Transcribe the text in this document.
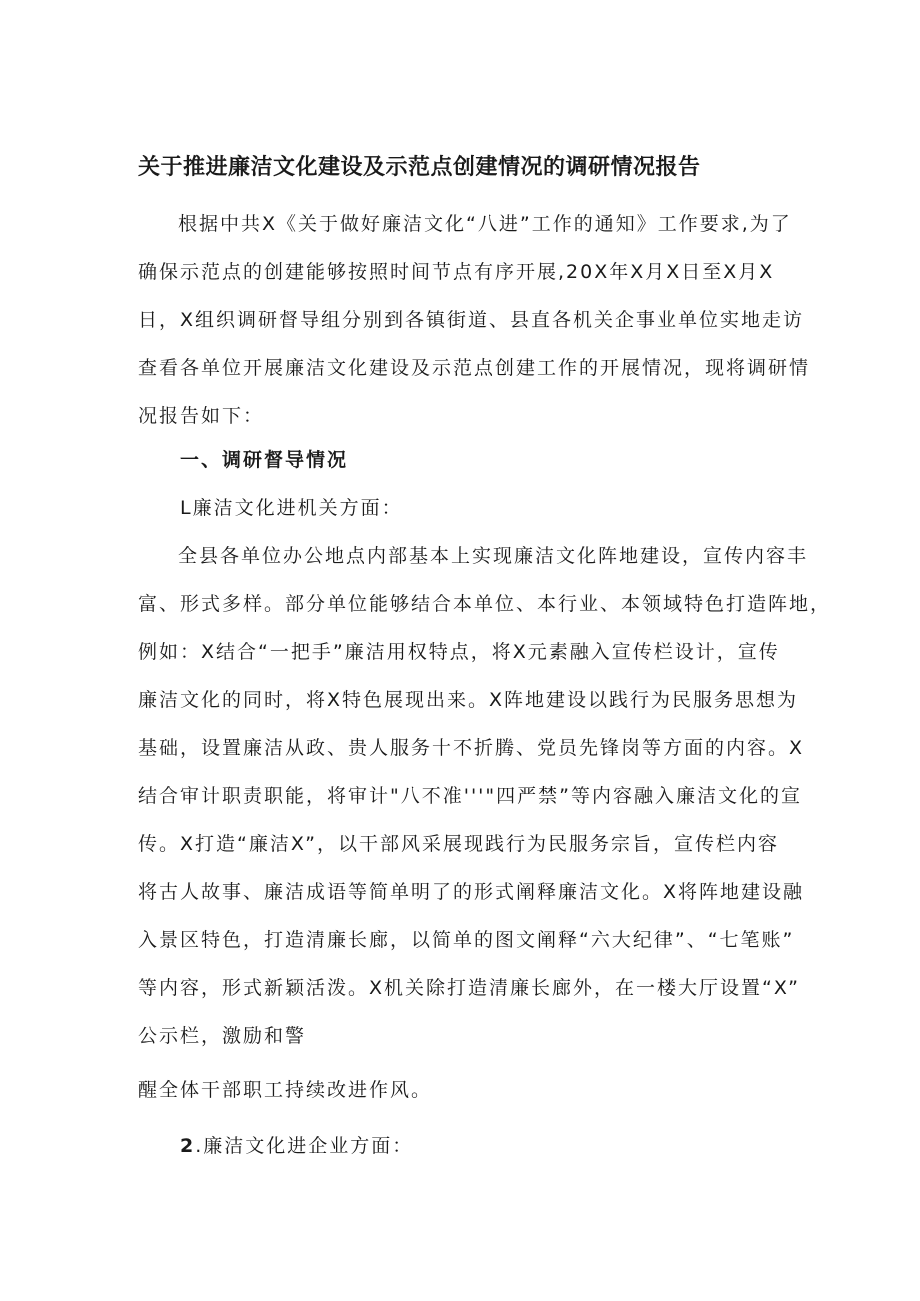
关于推进廉洁文化建设及示范点创建情况的调研情况报告
根据中共X《关于做好廉洁文化“八进”工作的通知》工作要求,为了
确保示范点的创建能够按照时间节点有序开展,20X年X月X日至X月X
日，X组织调研督导组分别到各镇街道、县直各机关企事业单位实地走访
查看各单位开展廉洁文化建设及示范点创建工作的开展情况，现将调研情
况报告如下：
一、调研督导情况
L廉洁文化进机关方面：
全县各单位办公地点内部基本上实现廉洁文化阵地建设，宣传内容丰
富、形式多样。部分单位能够结合本单位、本行业、本领域特色打造阵地，
例如：X结合“一把手”廉洁用权特点，将X元素融入宣传栏设计，宣传
廉洁文化的同时，将X特色展现出来。X阵地建设以践行为民服务思想为
基础，设置廉洁从政、贵人服务十不折腾、党员先锋岗等方面的内容。X
结合审计职责职能，将审计"八不准'''"四严禁”等内容融入廉洁文化的宣
传。X打造“廉洁X”，以干部风采展现践行为民服务宗旨，宣传栏内容
将古人故事、廉洁成语等简单明了的形式阐释廉洁文化。X将阵地建设融
入景区特色，打造清廉长廊，以简单的图文阐释“六大纪律”、“七笔账”
等内容，形式新颖活泼。X机关除打造清廉长廊外，在一楼大厅设置“X”
公示栏，激励和警
醒全体干部职工持续改进作风。
2.廉洁文化进企业方面：
